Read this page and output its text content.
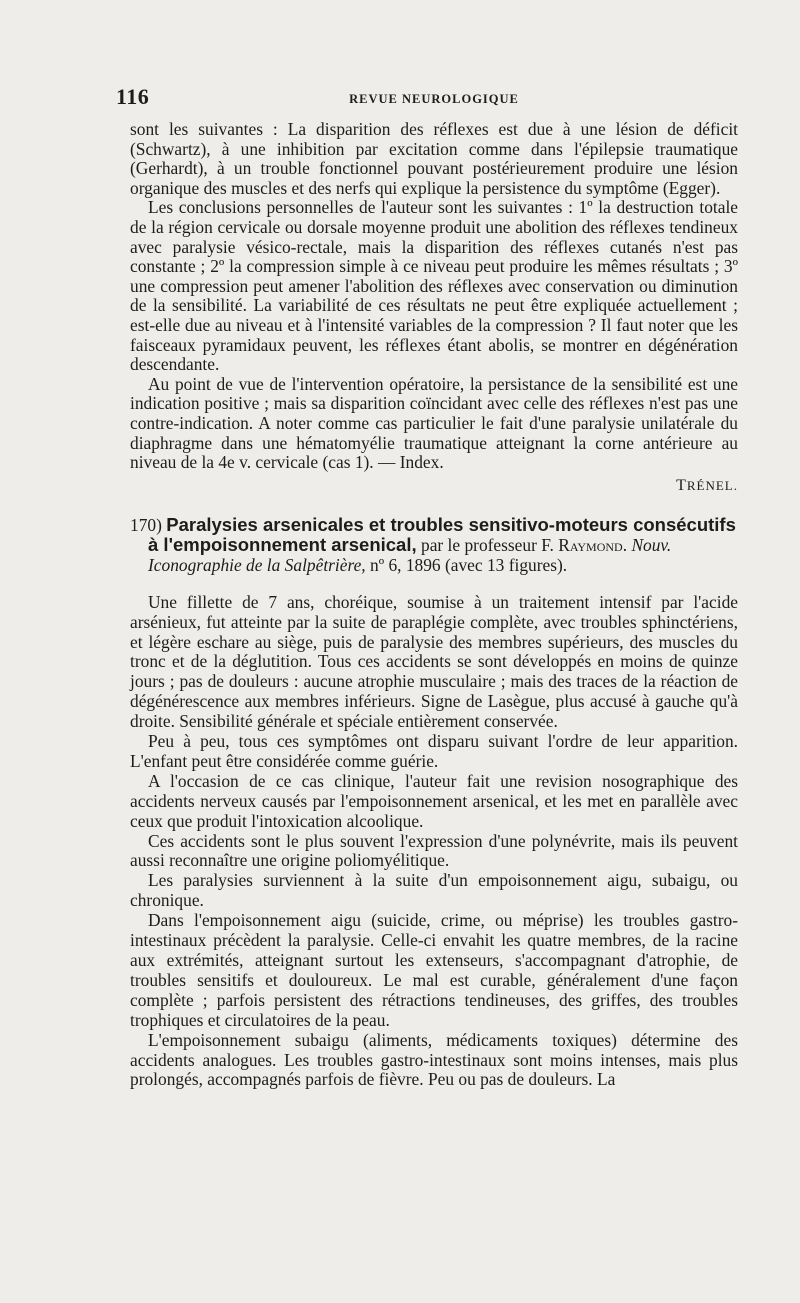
116	REVUE NEUROLOGIQUE

sont les suivantes : La disparition des réflexes est due à une lésion de déficit (Schwartz), à une inhibition par excitation comme dans l'épilepsie traumatique (Gerhardt), à un trouble fonctionnel pouvant postérieurement produire une lésion organique des muscles et des nerfs qui explique la persistence du symptôme (Egger).

Les conclusions personnelles de l'auteur sont les suivantes : 1º la destruction totale de la région cervicale ou dorsale moyenne produit une abolition des réflexes tendineux avec paralysie vésico-rectale, mais la disparition des réflexes cutanés n'est pas constante ; 2º la compression simple à ce niveau peut produire les mêmes résultats ; 3º une compression peut amener l'abolition des réflexes avec conservation ou diminution de la sensibilité. La variabilité de ces résultats ne peut être expliquée actuellement ; est-elle due au niveau et à l'intensité variables de la compression ? Il faut noter que les faisceaux pyramidaux peuvent, les réflexes étant abolis, se montrer en dégénération descendante.

Au point de vue de l'intervention opératoire, la persistance de la sensibilité est une indication positive ; mais sa disparition coïncidant avec celle des réflexes n'est pas une contre-indication. A noter comme cas particulier le fait d'une paralysie unilatérale du diaphragme dans une hématomyélie traumatique atteignant la corne antérieure au niveau de la 4e v. cervicale (cas 1). — Index.

TRÉNEL.

170) Paralysies arsenicales et troubles sensitivo-moteurs consécutifs à l'empoisonnement arsenical, par le professeur F. Raymond. Nouv. Iconographie de la Salpêtrière, nº 6, 1896 (avec 13 figures).

Une fillette de 7 ans, choréique, soumise à un traitement intensif par l'acide arsénieux, fut atteinte par la suite de paraplégie complète, avec troubles sphinctériens, et légère eschare au siège, puis de paralysie des membres supérieurs, des muscles du tronc et de la déglutition. Tous ces accidents se sont développés en moins de quinze jours ; pas de douleurs : aucune atrophie musculaire ; mais des traces de la réaction de dégénérescence aux membres inférieurs. Signe de Lasègue, plus accusé à gauche qu'à droite. Sensibilité générale et spéciale entièrement conservée.

Peu à peu, tous ces symptômes ont disparu suivant l'ordre de leur apparition. L'enfant peut être considérée comme guérie.

A l'occasion de ce cas clinique, l'auteur fait une revision nosographique des accidents nerveux causés par l'empoisonnement arsenical, et les met en parallèle avec ceux que produit l'intoxication alcoolique.

Ces accidents sont le plus souvent l'expression d'une polynévrite, mais ils peuvent aussi reconnaître une origine poliomyélitique.

Les paralysies surviennent à la suite d'un empoisonnement aigu, subaigu, ou chronique.

Dans l'empoisonnement aigu (suicide, crime, ou méprise) les troubles gastro-intestinaux précèdent la paralysie. Celle-ci envahit les quatre membres, de la racine aux extrémités, atteignant surtout les extenseurs, s'accompagnant d'atrophie, de troubles sensitifs et douloureux. Le mal est curable, généralement d'une façon complète ; parfois persistent des rétractions tendineuses, des griffes, des troubles trophiques et circulatoires de la peau.

L'empoisonnement subaigu (aliments, médicaments toxiques) détermine des accidents analogues. Les troubles gastro-intestinaux sont moins intenses, mais plus prolongés, accompagnés parfois de fièvre. Peu ou pas de douleurs. La
